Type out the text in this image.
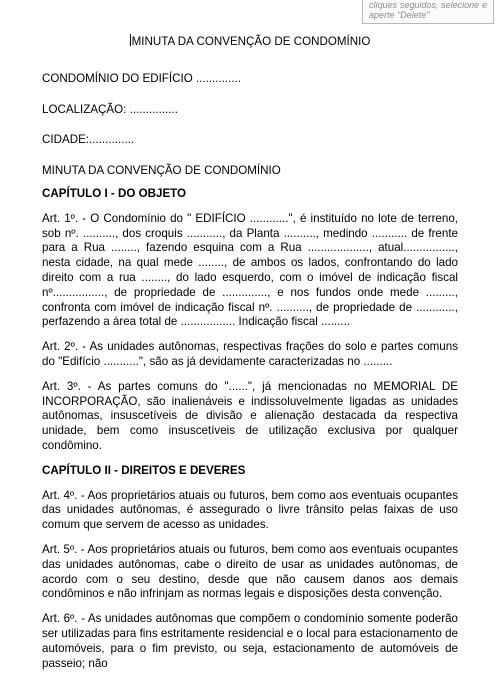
cliques seguidos, selecione e aperte "Delete"
MINUTA DA CONVENÇÃO DE CONDOMÍNIO
CONDOMÍNIO DO EDIFÍCIO ..............
LOCALIZAÇÃO: ...............
CIDADE:..............
MINUTA DA CONVENÇÃO DE CONDOMÍNIO
CAPÍTULO I - DO OBJETO
Art. 1º. - O Condomínio do " EDIFÍCIO ............", é instituído no lote de terreno, sob nº. .........., dos croquis ..........., da Planta .........., medindo ........... de frente para a Rua ........, fazendo esquina com a Rua ..................., atual................, nesta cidade, na qual mede ........, de ambos os lados, confrontando do lado direito com a rua ........, do lado esquerdo, com o imóvel de indicação fiscal nº................, de propriedade de .............., e nos fundos onde mede ........., confronta com imóvel de indicação fiscal nº. .........., de propriedade de ............, perfazendo a área total de ................. Indicação fiscal .........
Art. 2º. - As unidades autônomas, respectivas frações do solo e partes comuns do "Edifício ...........", são as já devidamente caracterizadas no .........
Art. 3º. - As partes comuns do "......", já mencionadas no MEMORIAL DE INCORPORAÇÃO, são inalienáveis e indissoluvelmente ligadas as unidades autônomas, insuscetíveis de divisão e alienação destacada da respectiva unidade, bem como insuscetíveis de utilização exclusiva por qualquer condômino.
CAPÍTULO II - DIREITOS E DEVERES
Art. 4º. - Aos proprietários atuais ou futuros, bem como aos eventuais ocupantes das unidades autônomas, é assegurado o livre trânsito pelas faixas de uso comum que servem de acesso as unidades.
Art. 5º. - Aos proprietários atuais ou futuros, bem como aos eventuais ocupantes das unidades autônomas, cabe o direito de usar as unidades autônomas, de acordo com o seu destino, desde que não causem danos aos demais condôminos e não infrinjam as normas legais e disposições desta convenção.
Art. 6º. - As unidades autônomas que compõem o condomínio somente poderão ser utilizadas para fins estritamente residencial e o local para estacionamento de automóveis, para o fim previsto, ou seja, estacionamento de automóveis de passeio; não
